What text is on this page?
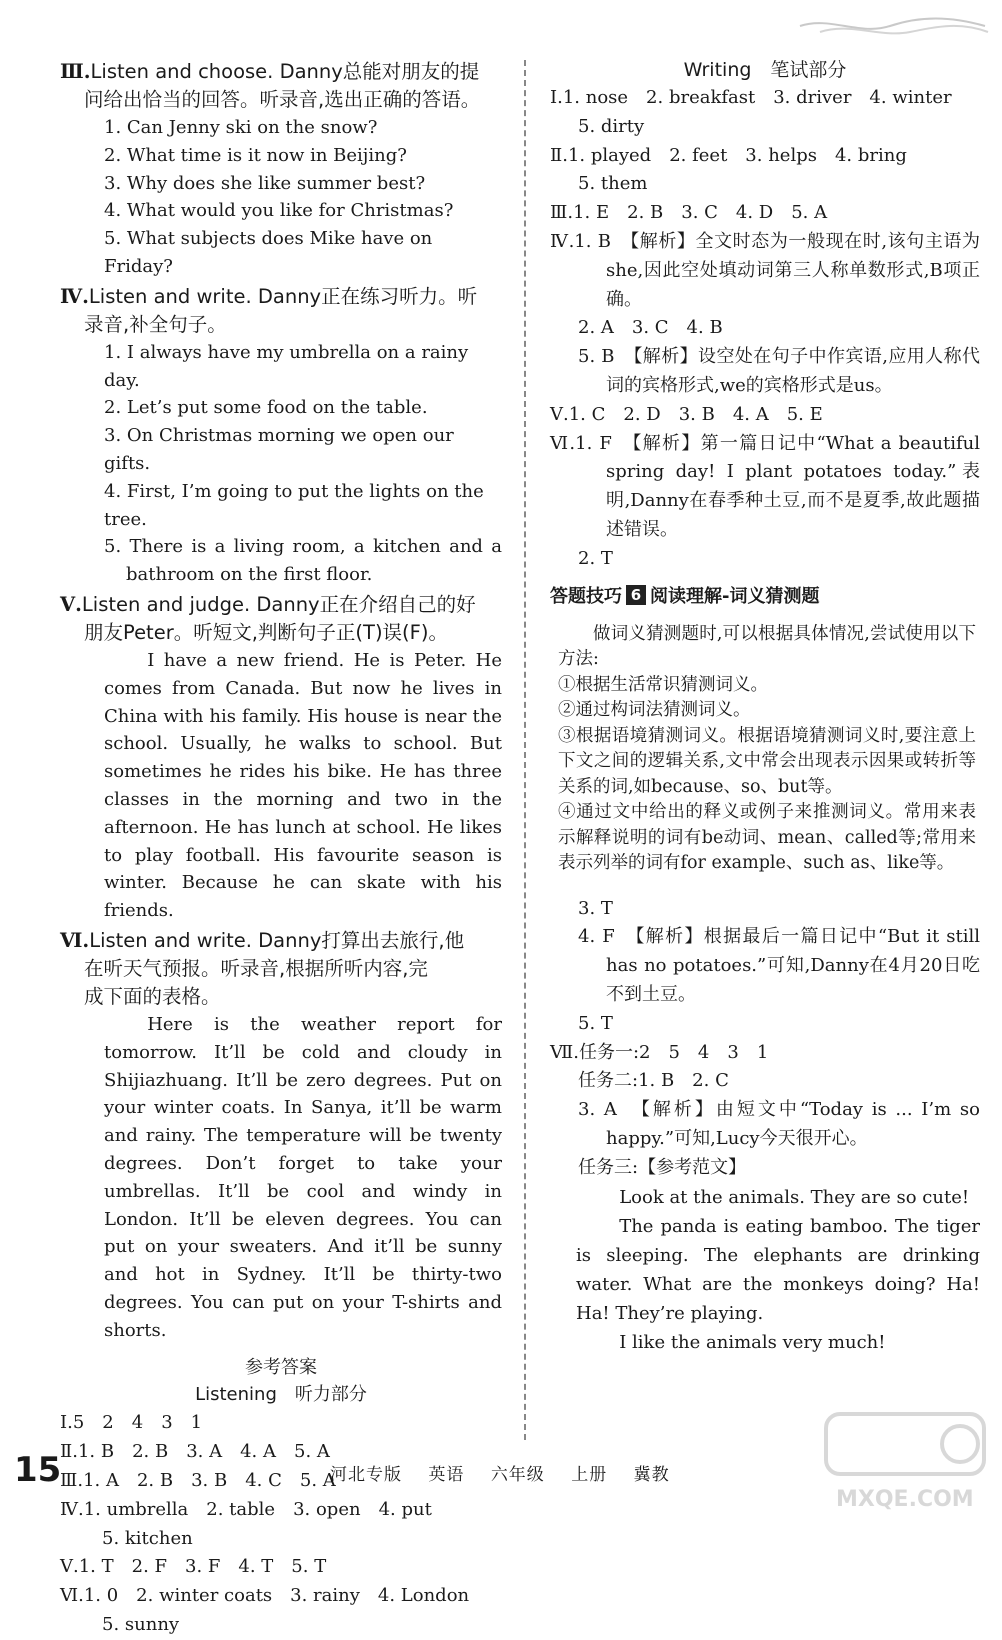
Ⅲ.Listen and choose. Danny总能对朋友的提
问给出恰当的回答。听录音,选出正确的答语。
1. Can Jenny ski on the snow?
2. What time is it now in Beijing?
3. Why does she like summer best?
4. What would you like for Christmas?
5. What subjects does Mike have on Friday?
Ⅳ.Listen and write. Danny正在练习听力。听
录音,补全句子。
1. I always have my umbrella on a rainy day.
2. Let’s put some food on the table.
3. On Christmas morning we open our gifts.
4. First, I’m going to put the lights on the tree.
5. There is a living room, a kitchen and a bathroom on the first floor.
Ⅴ.Listen and judge. Danny正在介绍自己的好
朋友Peter。听短文,判断句子正(T)误(F)。
I have a new friend. He is Peter. He comes from Canada. But now he lives in China with his family. His house is near the school. Usually, he walks to school. But sometimes he rides his bike. He has three classes in the morning and two in the afternoon. He has lunch at school. He likes to play football. His favourite season is winter. Because he can skate with his friends.
Ⅵ.Listen and write. Danny打算出去旅行,他
在听天气预报。听录音,根据所听内容,完
成下面的表格。
Here is the weather report for tomorrow. It’ll be cold and cloudy in Shijiazhuang. It’ll be zero degrees. Put on your winter coats. In Sanya, it’ll be warm and rainy. The temperature will be twenty degrees. Don’t forget to take your umbrellas. It’ll be cool and windy in London. It’ll be eleven degrees. You can put on your sweaters. And it’ll be sunny and hot in Sydney. It’ll be thirty-two degrees. You can put on your T-shirts and shorts.
参考答案
Listening　听力部分
Ⅰ.5　2　4　3　1
Ⅱ.1. B　2. B　3. A　4. A　5. A
Ⅲ.1. A　2. B　3. B　4. C　5. A
Ⅳ.1. umbrella　2. table　3. open　4. put
5. kitchen
Ⅴ.1. T　2. F　3. F　4. T　5. T
Ⅵ.1. 0　2. winter coats　3. rainy　4. London
5. sunny
Writing　笔试部分
Ⅰ.1. nose　2. breakfast　3. driver　4. winter
5. dirty
Ⅱ.1. played　2. feet　3. helps　4. bring
5. them
Ⅲ.1. E　2. B　3. C　4. D　5. A
Ⅳ.1. B　【解析】全文时态为一般现在时,该句主语为she,因此空处填动词第三人称单数形式,B项正确。
2. A　3. C　4. B
5. B　【解析】设空处在句子中作宾语,应用人称代词的宾格形式,we的宾格形式是us。
Ⅴ.1. C　2. D　3. B　4. A　5. E
Ⅵ.1. F　【解析】第一篇日记中“What a beautiful spring day! I plant potatoes today.”表明,Danny在春季种土豆,而不是夏季,故此题描述错误。
2. T
答题技巧 6 阅读理解-词义猜测题
做词义猜测题时,可以根据具体情况,尝试使用以下方法:
①根据生活常识猜测词义。
②通过构词法猜测词义。
③根据语境猜测词义。根据语境猜测词义时,要注意上下文之间的逻辑关系,文中常会出现表示因果或转折等关系的词,如because、so、but等。
④通过文中给出的释义或例子来推测词义。常用来表示解释说明的词有be动词、mean、called等;常用来表示列举的词有for example、such as、like等。
3. T
4. F　【解析】根据最后一篇日记中“But it still has no potatoes.”可知,Danny在4月20日吃不到土豆。
5. T
Ⅶ.任务一:2　5　4　3　1
任务二:1. B　2. C
3. A　【解析】由短文中“Today is ... I’m so happy.”可知,Lucy今天很开心。
任务三:【参考范文】
Look at the animals. They are so cute!
The panda is eating bamboo. The tiger is sleeping. The elephants are drinking water. What are the monkeys doing? Ha! Ha! They’re playing.
I like the animals very much!
15	河北专版 英语 六年级 上册 冀教
MXQE.COM
